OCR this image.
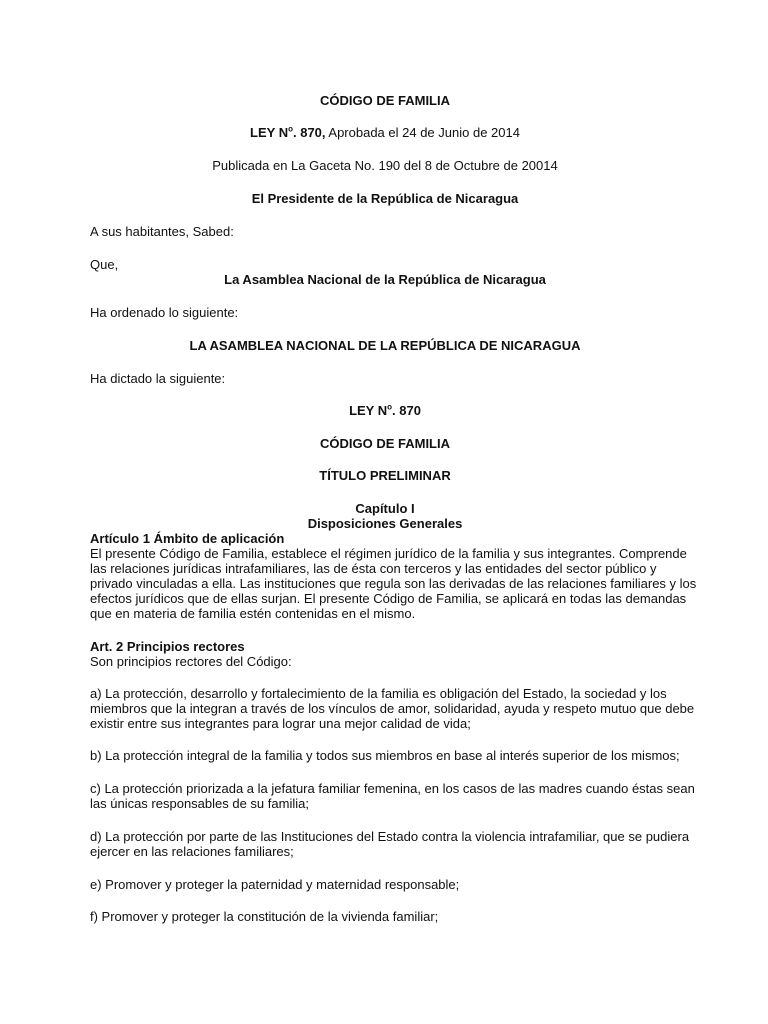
CÓDIGO DE FAMILIA
LEY $N^o$. 870, Aprobada el 24 de Junio de 2014
Publicada en La Gaceta No. 190 del 8 de Octubre de 20014
El Presidente de la República de Nicaragua
A sus habitantes, Sabed:
Que,
La Asamblea Nacional de la República de Nicaragua
Ha ordenado lo siguiente:
LA ASAMBLEA NACIONAL DE LA REPÚBLICA DE NICARAGUA
Ha dictado la siguiente:
LEY $N^o$. 870
CÓDIGO DE FAMILIA
TÍTULO PRELIMINAR
Capítulo I
Disposiciones Generales
Artículo 1 Ámbito de aplicación
El presente Código de Familia, establece el régimen jurídico de la familia y sus integrantes. Comprende
las relaciones jurídicas intrafamiliares, las de ésta con terceros y las entidades del sector público y
privado vinculadas a ella. Las instituciones que regula son las derivadas de las relaciones familiares y los
efectos jurídicos que de ellas surjan. El presente Código de Familia, se aplicará en todas las demandas
que en materia de familia estén contenidas en el mismo.
Art. 2 Principios rectores
Son principios rectores del Código:
a) La protección, desarrollo y fortalecimiento de la familia es obligación del Estado, la sociedad y los
miembros que la integran a través de los vínculos de amor, solidaridad, ayuda y respeto mutuo que debe
existir entre sus integrantes para lograr una mejor calidad de vida;
b) La protección integral de la familia y todos sus miembros en base al interés superior de los mismos;
c) La protección priorizada a la jefatura familiar femenina, en los casos de las madres cuando éstas sean
las únicas responsables de su familia;
d) La protección por parte de las Instituciones del Estado contra la violencia intrafamiliar, que se pudiera
ejercer en las relaciones familiares;
e) Promover y proteger la paternidad y maternidad responsable;
f) Promover y proteger la constitución de la vivienda familiar;
